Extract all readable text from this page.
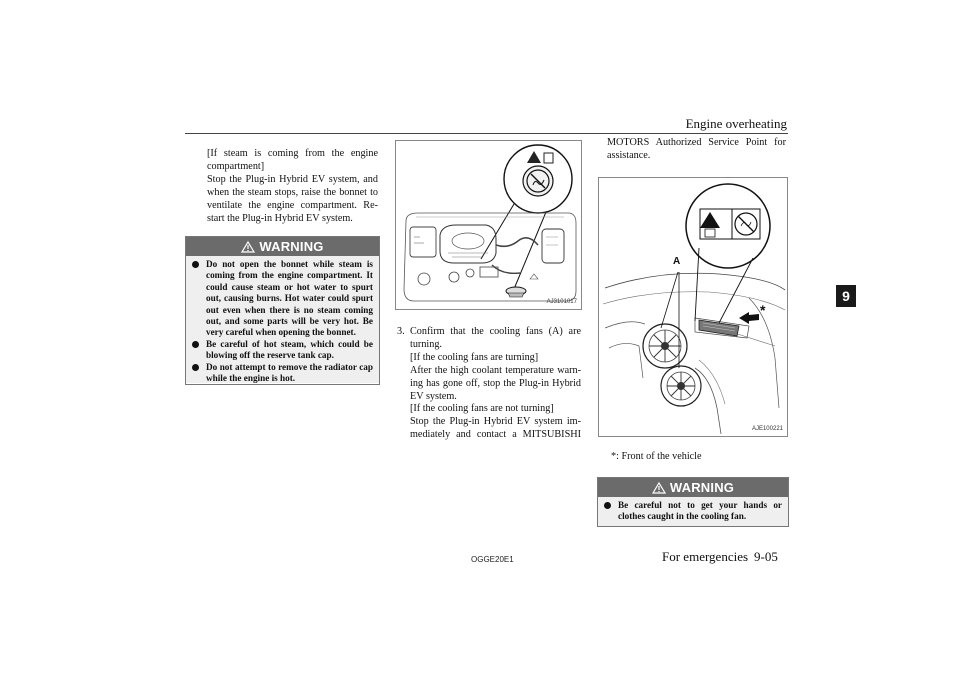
Engine overheating
9
[If steam is coming from the engine
compartment]
Stop the Plug-in Hybrid EV system, and
when the steam stops, raise the bonnet to
ventilate the engine compartment. Re-
start the Plug-in Hybrid EV system.
WARNING
Do not open the bonnet while steam is coming from the engine compartment. It could cause steam or hot water to spurt out, causing burns. Hot water could spurt out even when there is no steam coming out, and some parts will be very hot. Be very careful when opening the bonnet.
Be careful of hot steam, which could be blowing off the reserve tank cap.
Do not attempt to remove the radiator cap while the engine is hot.
AJ3101017
3. Confirm that the cooling fans (A) are
turning.
[If the cooling fans are turning]
After the high coolant temperature warn-
ing has gone off, stop the Plug-in Hybrid
EV system.
[If the cooling fans are not turning]
Stop the Plug-in Hybrid EV system im-
mediately and contact a MITSUBISHI
MOTORS Authorized Service Point for
assistance.
A
*
AJE100221
*: Front of the vehicle
WARNING
Be careful not to get your hands or clothes caught in the cooling fan.
OGGE20E1	For emergencies 9-05
